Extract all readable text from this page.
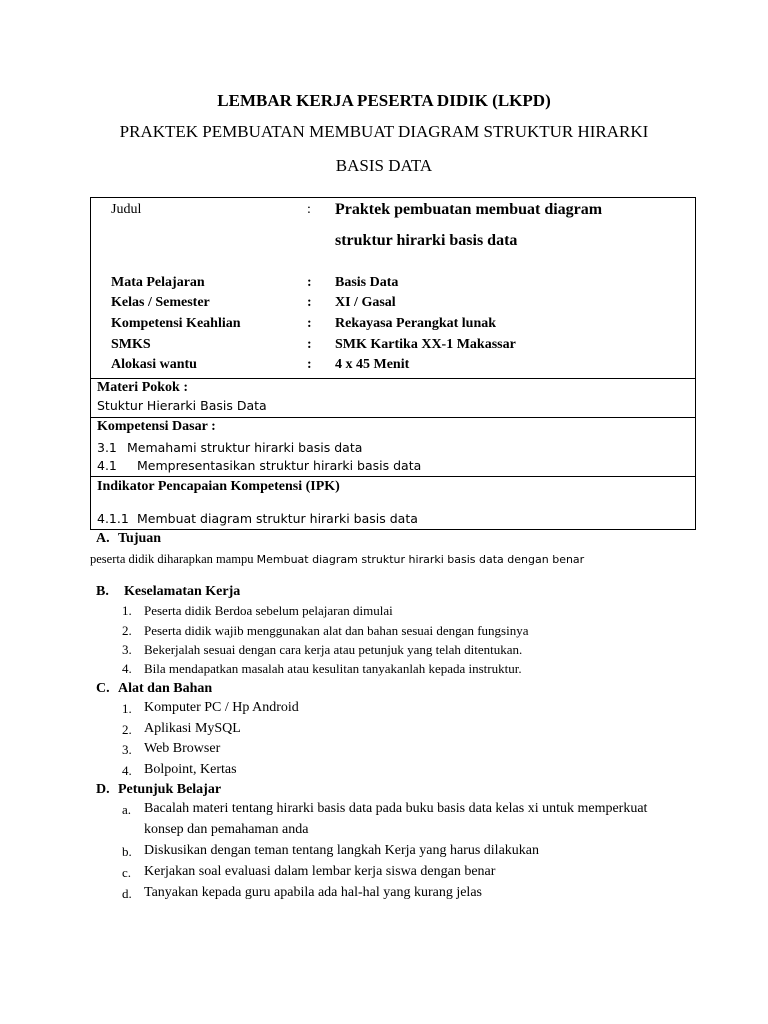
LEMBAR KERJA PESERTA DIDIK (LKPD)
PRAKTEK PEMBUATAN MEMBUAT DIAGRAM STRUKTUR HIRARKI
BASIS DATA
Judul	: Praktek pembuatan membuat diagram
struktur hirarki basis data
Mata Pelajaran	: Basis Data
Kelas / Semester	: XI / Gasal
Kompetensi Keahlian	: Rekayasa Perangkat lunak
SMKS	: SMK Kartika XX-1 Makassar
Alokasi wantu	: 4 x 45 Menit
Materi Pokok :
Stuktur Hierarki Basis Data
Kompetensi Dasar :
3.1 Memahami struktur hirarki basis data
4.1 Mempresentasikan struktur hirarki basis data
Indikator Pencapaian Kompetensi (IPK)
4.1.1 Membuat diagram struktur hirarki basis data
A. Tujuan
peserta didik diharapkan mampu Membuat diagram struktur hirarki basis data dengan benar
B. Keselamatan Kerja
1. Peserta didik Berdoa sebelum pelajaran dimulai
2. Peserta didik wajib menggunakan alat dan bahan sesuai dengan fungsinya
3. Bekerjalah sesuai dengan cara kerja atau petunjuk yang telah ditentukan.
4. Bila mendapatkan masalah atau kesulitan tanyakanlah kepada instruktur.
C. Alat dan Bahan
1. Komputer PC / Hp Android
2. Aplikasi MySQL
3. Web Browser
4. Bolpoint, Kertas
D. Petunjuk Belajar
a. Bacalah materi tentang hirarki basis data pada buku basis data kelas xi untuk memperkuat
konsep dan pemahaman anda
b. Diskusikan dengan teman tentang langkah Kerja yang harus dilakukan
c. Kerjakan soal evaluasi dalam lembar kerja siswa dengan benar
d. Tanyakan kepada guru apabila ada hal-hal yang kurang jelas
